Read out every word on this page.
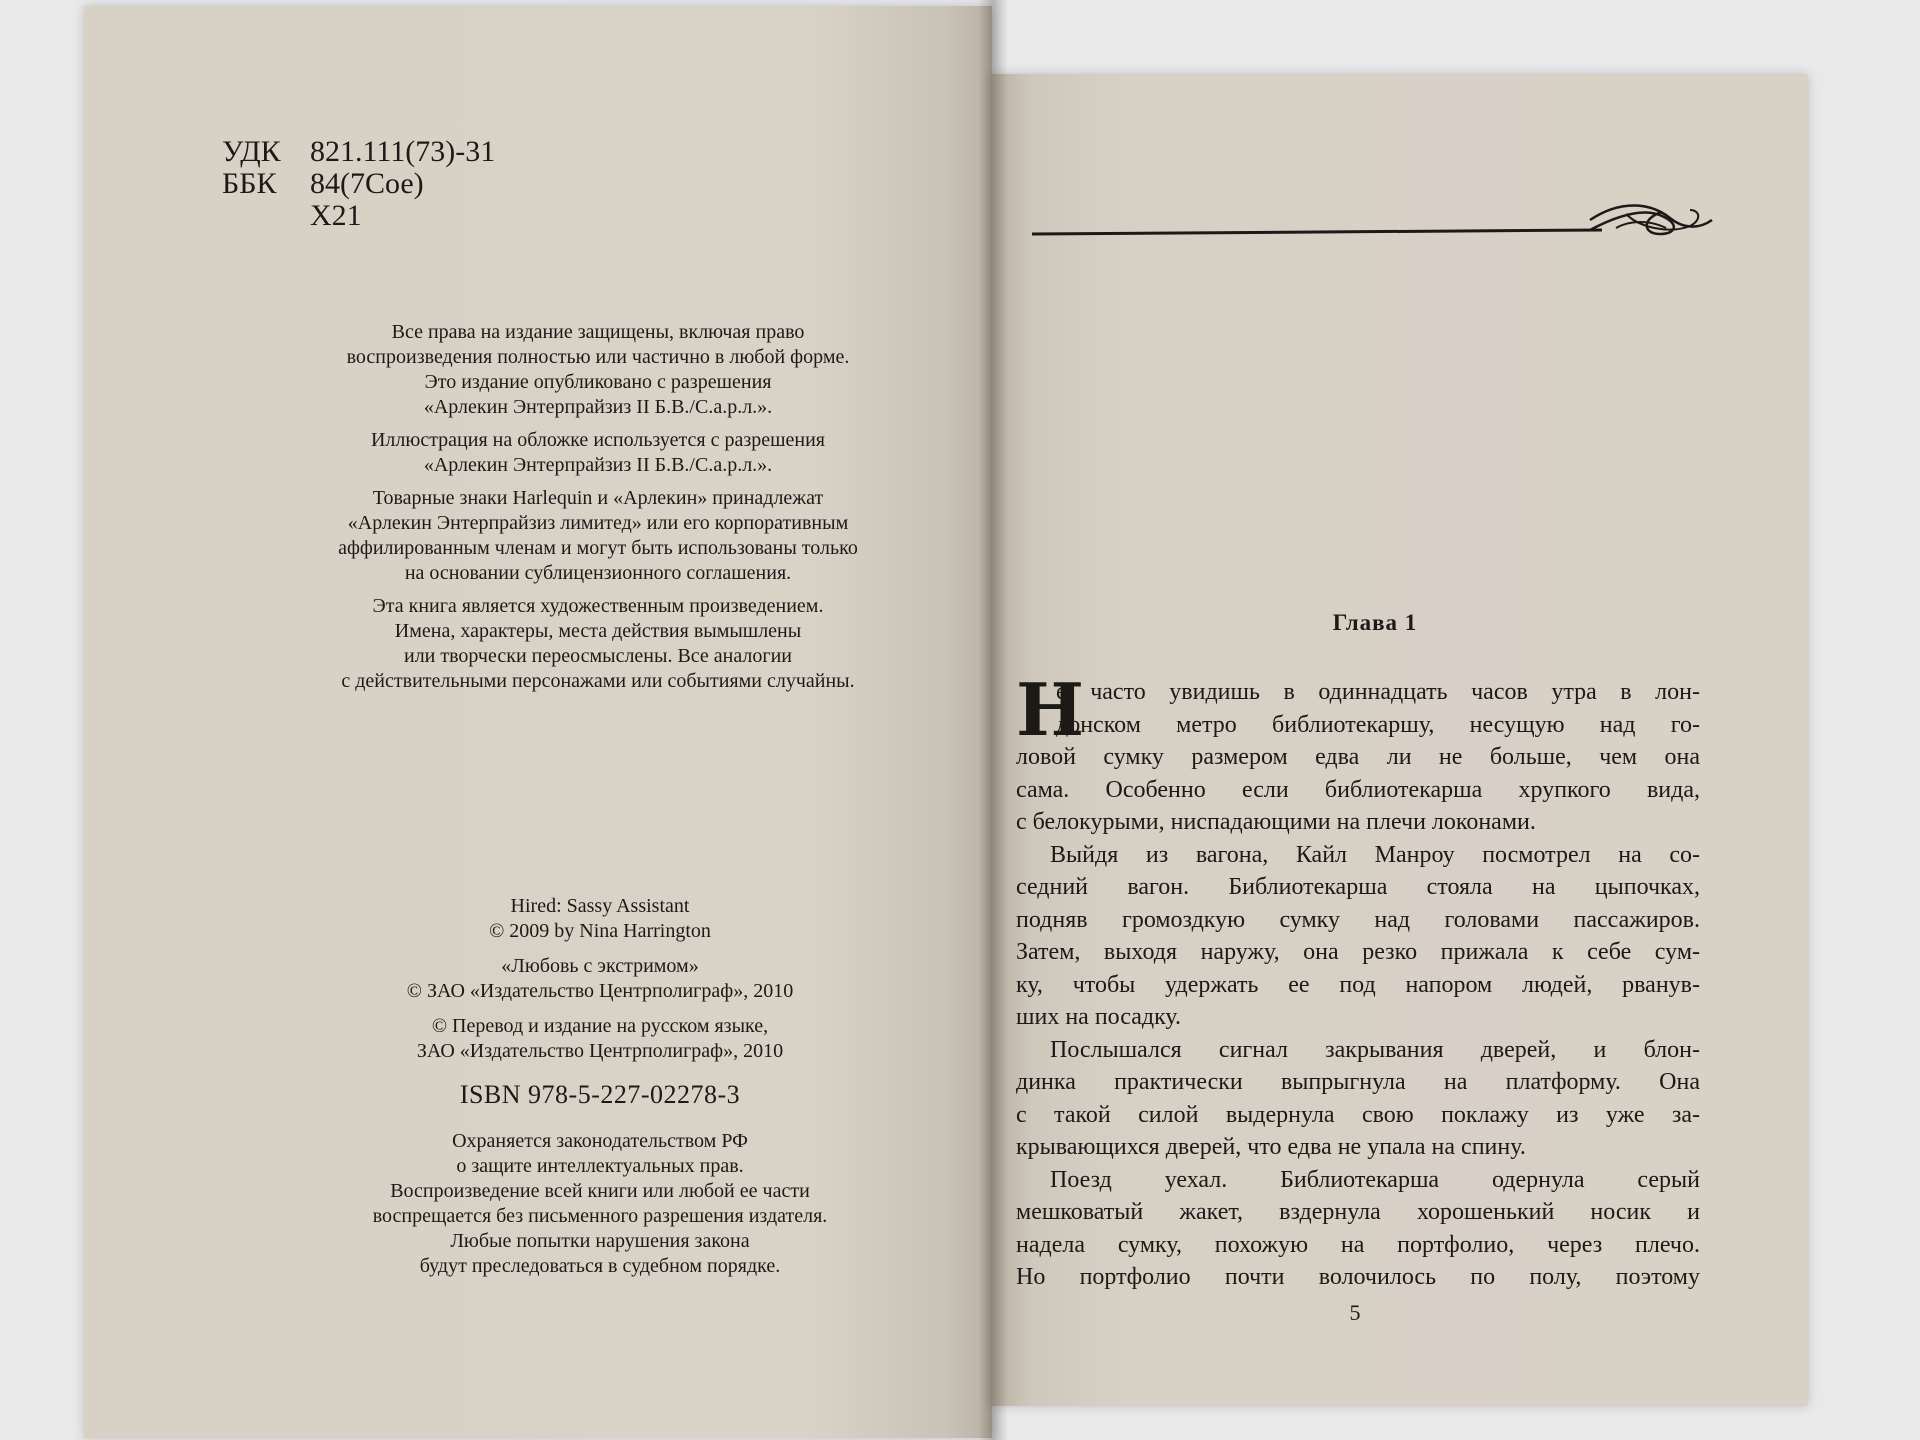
УДК 821.111(73)-31
ББК	84(7Сое)
Х21

Все права на издание защищены, включая право
воспроизведения полностью или частично в любой форме.
Это издание опубликовано с разрешения
«Арлекин Энтерпрайзиз II Б.В./С.а.р.л.».

Иллюстрация на обложке используется с разрешения
«Арлекин Энтерпрайзиз II Б.В./С.а.р.л.».

Товарные знаки Harlequin и «Арлекин» принадлежат
«Арлекин Энтерпрайзиз лимитед» или его корпоративным
аффилированным членам и могут быть использованы только
на основании сублицензионного соглашения.

Эта книга является художественным произведением.
Имена, характеры, места действия вымышлены
или творчески переосмыслены. Все аналогии
с действительными персонажами или событиями случайны.

Hired: Sassy Assistant
© 2009 by Nina Harrington

«Любовь с экстримом»
© ЗАО «Издательство Центрполиграф», 2010

© Перевод и издание на русском языке,
ЗАО «Издательство Центрполиграф», 2010

ISBN 978-5-227-02278-3

Охраняется законодательством РФ
о защите интеллектуальных прав.
Воспроизведение всей книги или любой ее части
воспрещается без письменного разрешения издателя.
Любые попытки нарушения закона
будут преследоваться в судебном порядке.

Глава 1

Н
е часто увидишь в одиннадцать часов утра в лон-
донском метро библиотекаршу, несущую над го-
ловой сумку размером едва ли не больше, чем она
сама. Особенно если библиотекарша хрупкого вида,
с белокурыми, ниспадающими на плечи локонами.

Выйдя из вагона, Кайл Манроу посмотрел на со-
седний вагон. Библиотекарша стояла на цыпочках,
подняв громоздкую сумку над головами пассажиров.
Затем, выходя наружу, она резко прижала к себе сум-
ку, чтобы удержать ее под напором людей, рванув-
ших на посадку.

Послышался сигнал закрывания дверей, и блон-
динка практически выпрыгнула на платформу. Она
с такой силой выдернула свою поклажу из уже за-
крывающихся дверей, что едва не упала на спину.

Поезд уехал. Библиотекарша одернула серый
мешковатый жакет, вздернула хорошенький носик и
надела сумку, похожую на портфолио, через плечо.
Но портфолио почти волочилось по полу, поэтому

5
